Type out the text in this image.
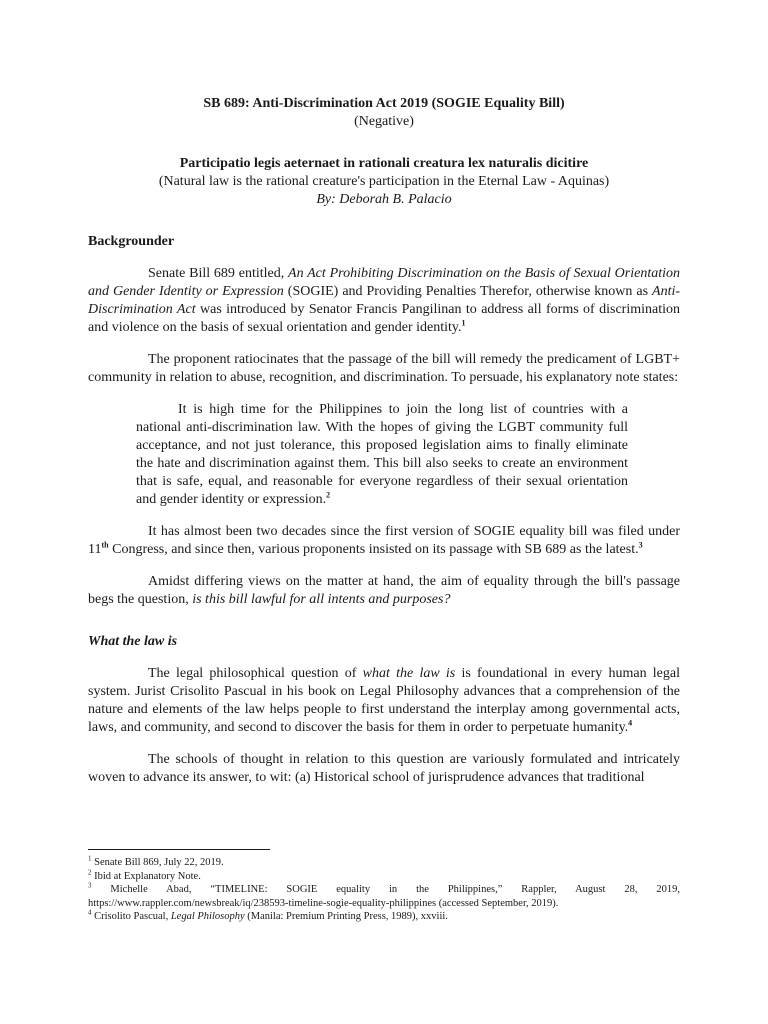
SB 689: Anti-Discrimination Act 2019 (SOGIE Equality Bill)

(Negative)

Participatio legis aeternaet in rationali creatura lex naturalis dicitire

(Natural law is the rational creature's participation in the Eternal Law - Aquinas)

By: Deborah B. Palacio

Backgrounder

Senate Bill 689 entitled, An Act Prohibiting Discrimination on the Basis of Sexual Orientation and Gender Identity or Expression (SOGIE) and Providing Penalties Therefor, otherwise known as Anti-Discrimination Act was introduced by Senator Francis Pangilinan to address all forms of discrimination and violence on the basis of sexual orientation and gender identity.$^1$

The proponent ratiocinates that the passage of the bill will remedy the predicament of LGBT+ community in relation to abuse, recognition, and discrimination. To persuade, his explanatory note states:

It is high time for the Philippines to join the long list of countries with a national anti-discrimination law. With the hopes of giving the LGBT community full acceptance, and not just tolerance, this proposed legislation aims to finally eliminate the hate and discrimination against them. This bill also seeks to create an environment that is safe, equal, and reasonable for everyone regardless of their sexual orientation and gender identity or expression.$^2$

It has almost been two decades since the first version of SOGIE equality bill was filed under 11th Congress, and since then, various proponents insisted on its passage with SB 689 as the latest.$^3$

Amidst differing views on the matter at hand, the aim of equality through the bill's passage begs the question, is this bill lawful for all intents and purposes?

What the law is

The legal philosophical question of what the law is is foundational in every human legal system. Jurist Crisolito Pascual in his book on Legal Philosophy advances that a comprehension of the nature and elements of the law helps people to first understand the interplay among governmental acts, laws, and community, and second to discover the basis for them in order to perpetuate humanity.$^4$

The schools of thought in relation to this question are variously formulated and intricately woven to advance its answer, to wit: (a) Historical school of jurisprudence advances that traditional

$^1$ Senate Bill 869, July 22, 2019.

$^2$ Ibid at Explanatory Note.

$^3$ Michelle Abad, “TIMELINE: SOGIE equality in the Philippines,” Rappler, August 28, 2019, https://www.rappler.com/newsbreak/iq/238593-timeline-sogie-equality-philippines (accessed September, 2019).

$^4$ Crisolito Pascual, Legal Philosophy (Manila: Premium Printing Press, 1989), xxviii.
